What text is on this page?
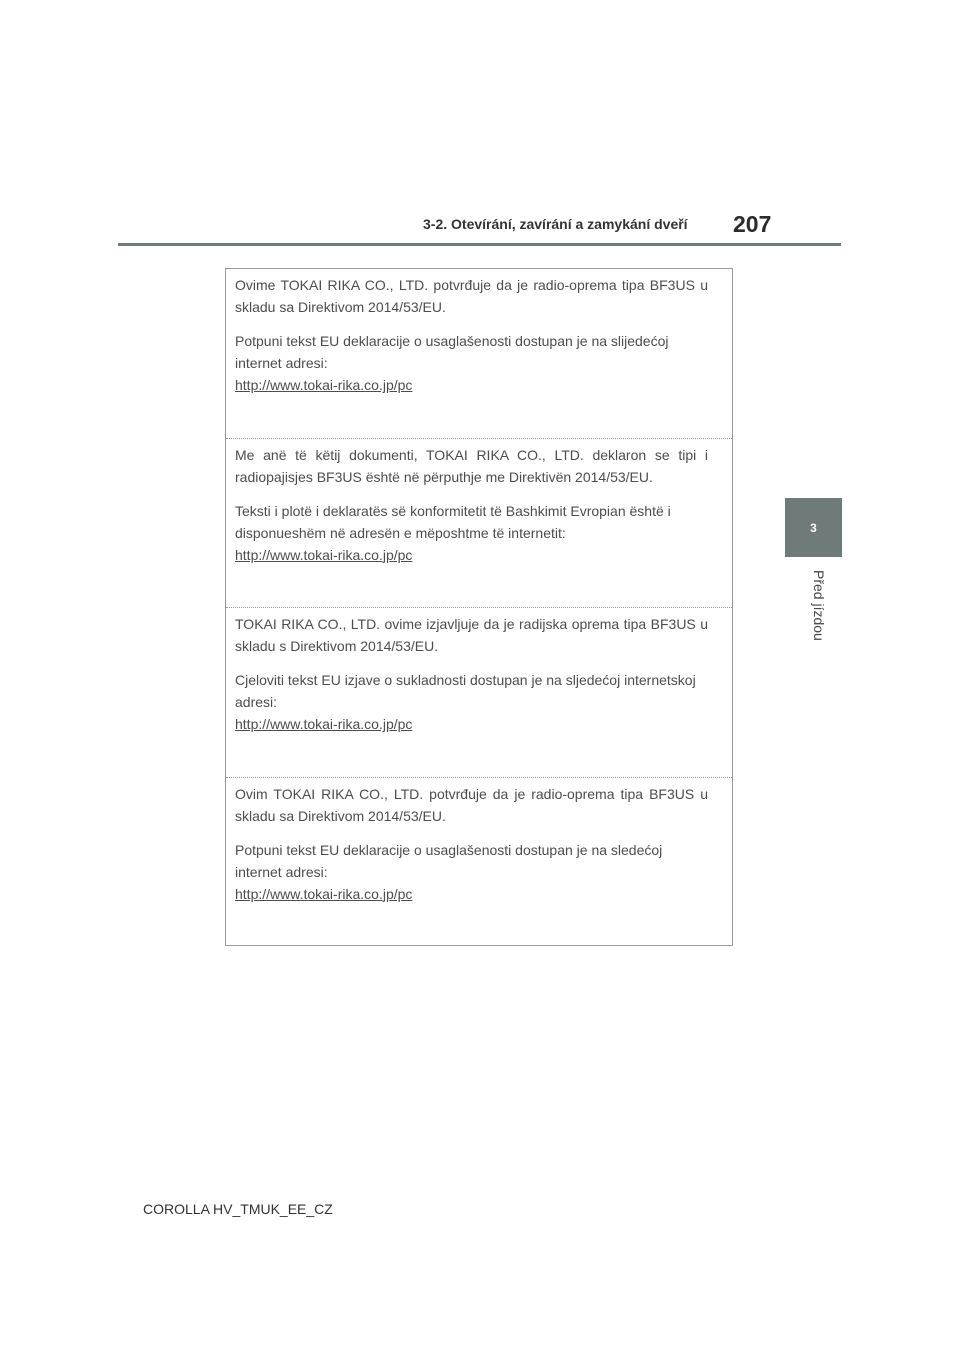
3-2. Otevírání, zavírání a zamykání dveří 207
3
Před jízdou

Ovime TOKAI RIKA CO., LTD. potvrđuje da je radio-oprema tipa BF3US u skladu sa Direktivom 2014/53/EU.

Potpuni tekst EU deklaracije o usaglašenosti dostupan je na slijedećoj internet adresi:

http://www.tokai-rika.co.jp/pc

Me anë të këtij dokumenti, TOKAI RIKA CO., LTD. deklaron se tipi i radiopajisjes BF3US është në përputhje me Direktivën 2014/53/EU.

Teksti i plotë i deklaratës së konformitetit të Bashkimit Evropian është i disponueshëm në adresën e mëposhtme të internetit:

http://www.tokai-rika.co.jp/pc

TOKAI RIKA CO., LTD. ovime izjavljuje da je radijska oprema tipa BF3US u skladu s Direktivom 2014/53/EU.

Cjeloviti tekst EU izjave o sukladnosti dostupan je na sljedećoj internetskoj adresi:

http://www.tokai-rika.co.jp/pc

Ovim TOKAI RIKA CO., LTD. potvrđuje da je radio-oprema tipa BF3US u skladu sa Direktivom 2014/53/EU.

Potpuni tekst EU deklaracije o usaglašenosti dostupan je na sledećoj internet adresi:

http://www.tokai-rika.co.jp/pc

COROLLA HV_TMUK_EE_CZ
